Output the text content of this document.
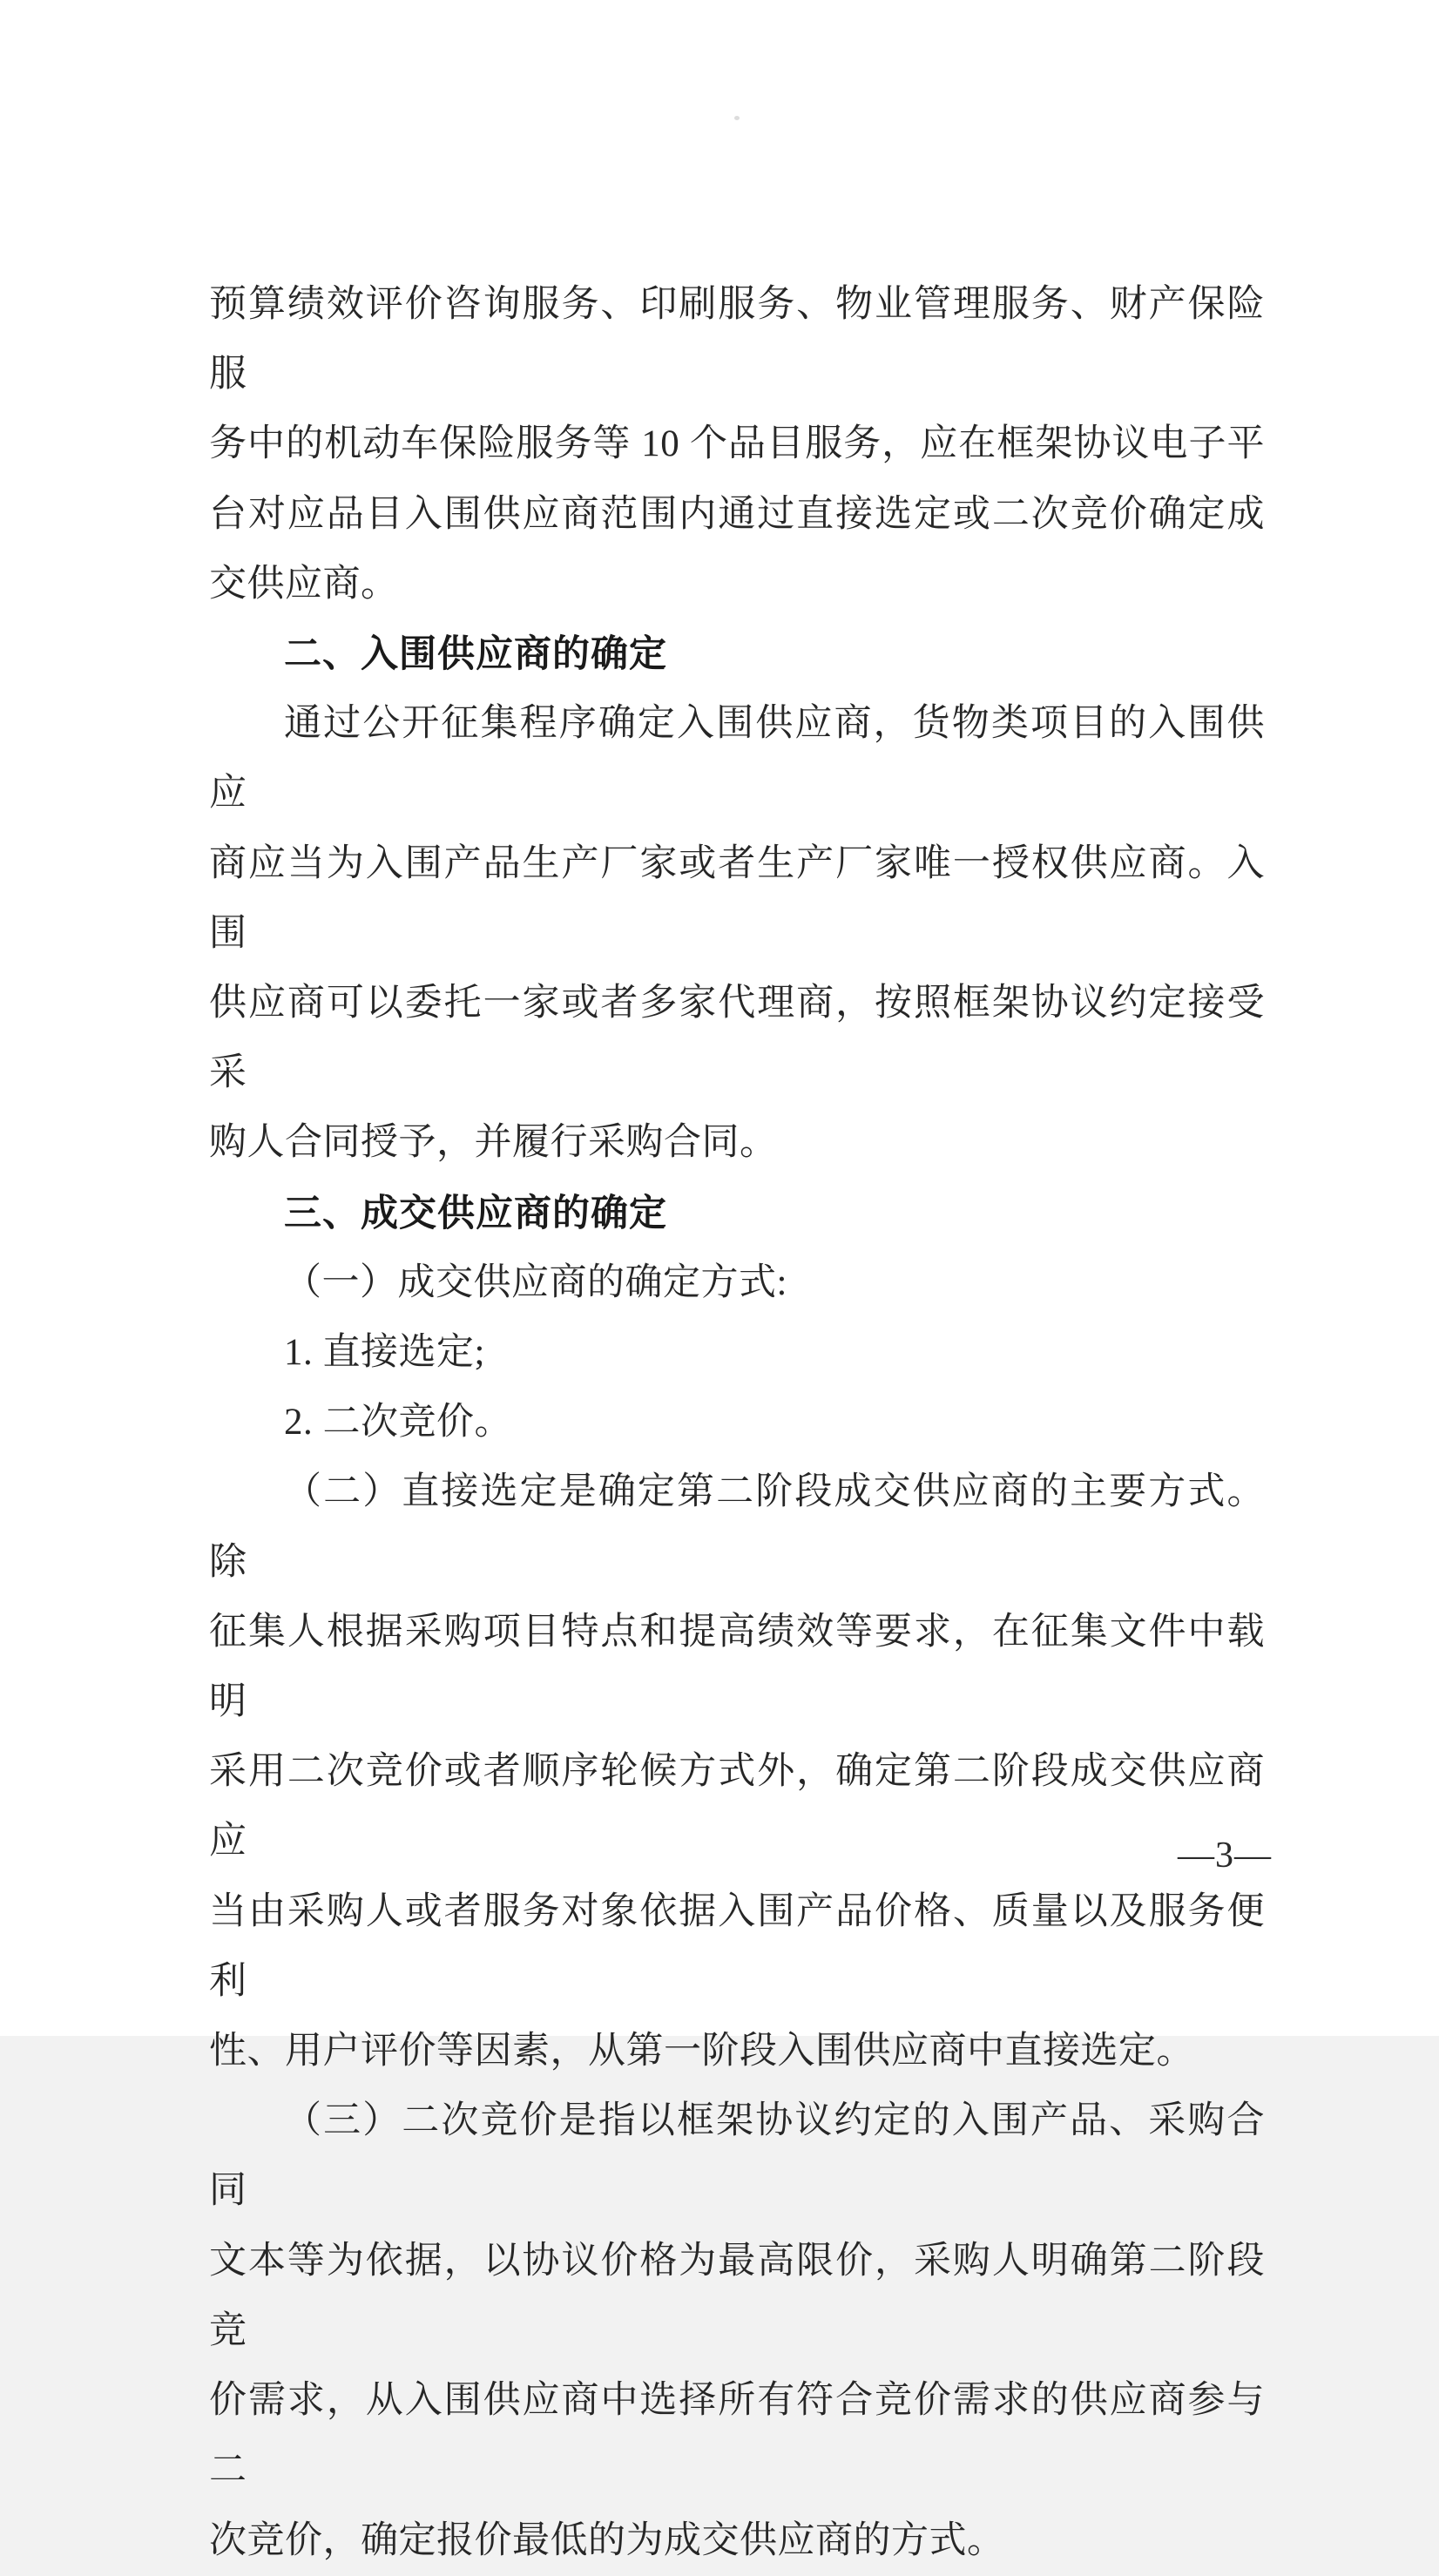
预算绩效评价咨询服务、印刷服务、物业管理服务、财产保险服
务中的机动车保险服务等 10 个品目服务，应在框架协议电子平
台对应品目入围供应商范围内通过直接选定或二次竞价确定成
交供应商。
二、入围供应商的确定
通过公开征集程序确定入围供应商，货物类项目的入围供应
商应当为入围产品生产厂家或者生产厂家唯一授权供应商。入围
供应商可以委托一家或者多家代理商，按照框架协议约定接受采
购人合同授予，并履行采购合同。
三、成交供应商的确定
（一）成交供应商的确定方式:
1. 直接选定;
2. 二次竞价。
（二）直接选定是确定第二阶段成交供应商的主要方式。除
征集人根据采购项目特点和提高绩效等要求，在征集文件中载明
采用二次竞价或者顺序轮候方式外，确定第二阶段成交供应商应
当由采购人或者服务对象依据入围产品价格、质量以及服务便利
性、用户评价等因素，从第一阶段入围供应商中直接选定。
（三）二次竞价是指以框架协议约定的入围产品、采购合同
文本等为依据，以协议价格为最高限价，采购人明确第二阶段竞
价需求，从入围供应商中选择所有符合竞价需求的供应商参与二
次竞价，确定报价最低的为成交供应商的方式。
—3—
